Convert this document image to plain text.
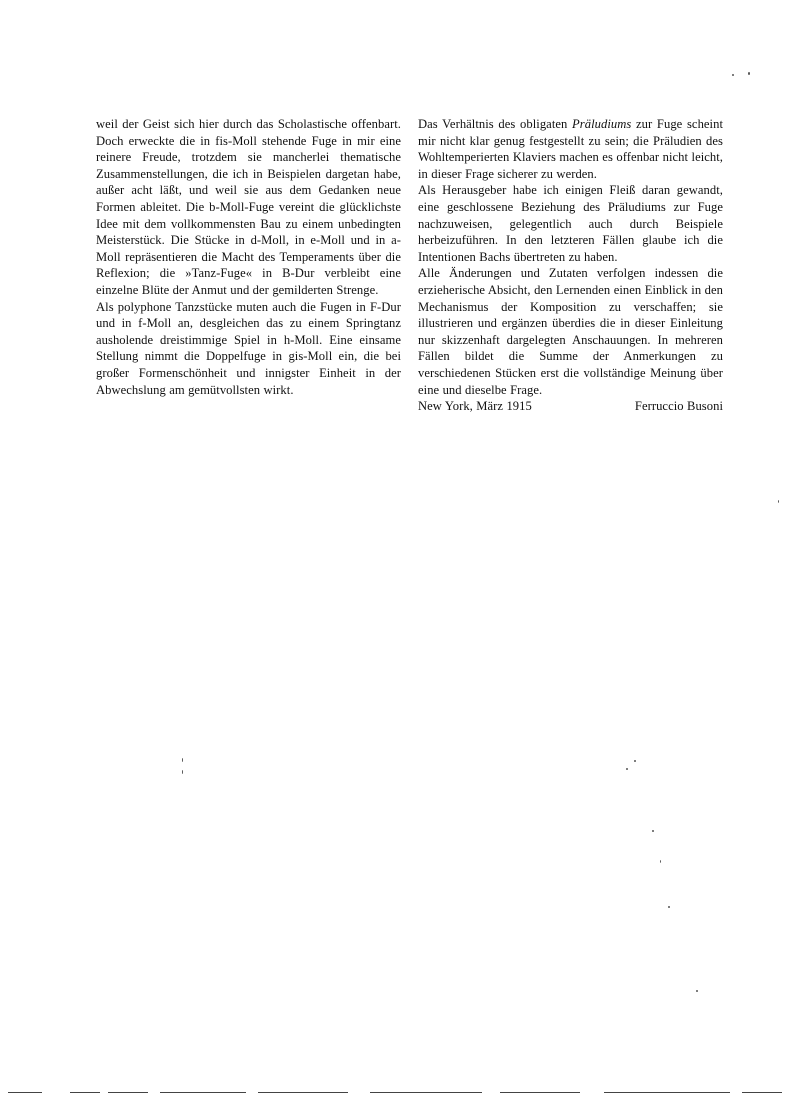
weil der Geist sich hier durch das Scholastische offenbart. Doch erweckte die in fis-Moll stehende Fuge in mir eine reinere Freude, trotzdem sie mancherlei thematische Zusammenstellungen, die ich in Beispielen dargetan habe, außer acht läßt, und weil sie aus dem Gedanken neue Formen ableitet. Die b-Moll-Fuge vereint die glücklichste Idee mit dem vollkommensten Bau zu einem unbedingten Meisterstück. Die Stücke in d-Moll, in e-Moll und in a-Moll repräsentieren die Macht des Temperaments über die Reflexion; die »Tanz-Fuge« in B-Dur verbleibt eine einzelne Blüte der Anmut und der gemilderten Strenge.

Als polyphone Tanzstücke muten auch die Fugen in F-Dur und in f-Moll an, desgleichen das zu einem Springtanz ausholende dreistimmige Spiel in h-Moll. Eine einsame Stellung nimmt die Doppelfuge in gis-Moll ein, die bei großer Formenschönheit und innigster Einheit in der Abwechslung am gemütvollsten wirkt.

Das Verhältnis des obligaten Präludiums zur Fuge scheint mir nicht klar genug festgestellt zu sein; die Präludien des Wohltemperierten Klaviers machen es offenbar nicht leicht, in dieser Frage sicherer zu werden.

Als Herausgeber habe ich einigen Fleiß daran gewandt, eine geschlossene Beziehung des Präludiums zur Fuge nachzuweisen, gelegentlich auch durch Beispiele herbeizuführen. In den letzteren Fällen glaube ich die Intentionen Bachs übertreten zu haben.

Alle Änderungen und Zutaten verfolgen indessen die erzieherische Absicht, den Lernenden einen Einblick in den Mechanismus der Komposition zu verschaffen; sie illustrieren und ergänzen überdies die in dieser Einleitung nur skizzenhaft dargelegten Anschauungen. In mehreren Fällen bildet die Summe der Anmerkungen zu verschiedenen Stücken erst die vollständige Meinung über eine und dieselbe Frage.

New York, März 1915	Ferruccio Busoni
